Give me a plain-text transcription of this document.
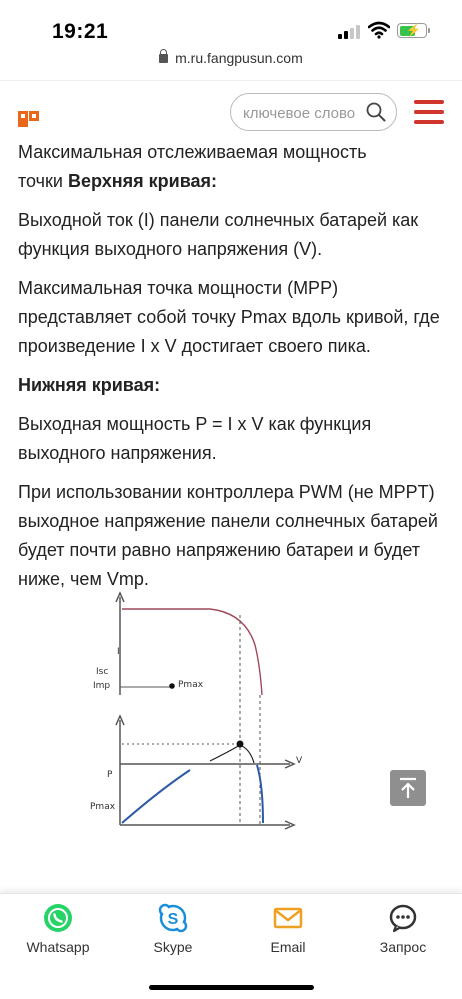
19:21	⚡
m.ru.fangpusun.com
ключевое слово

Максимальная отслеживаемая мощность
точки Верхняя кривая:

Выходной ток (I) панели солнечных батарей как функция выходного напряжения (V).

Максимальная точка мощности (MPP) представляет собой точку Pmax вдоль кривой, где произведение I x V достигает своего пика.

Нижняя кривая:

Выходная мощность P = I x V как функция выходного напряжения.

При использовании контроллера PWM (не MPPT) выходное напряжение панели солнечных батарей будет почти равно напряжению батареи и будет ниже, чем Vmp.

I
Isc
Imp	Pmax
V
P
Pmax
Whatsapp
S
Skype	Email	Запрос
